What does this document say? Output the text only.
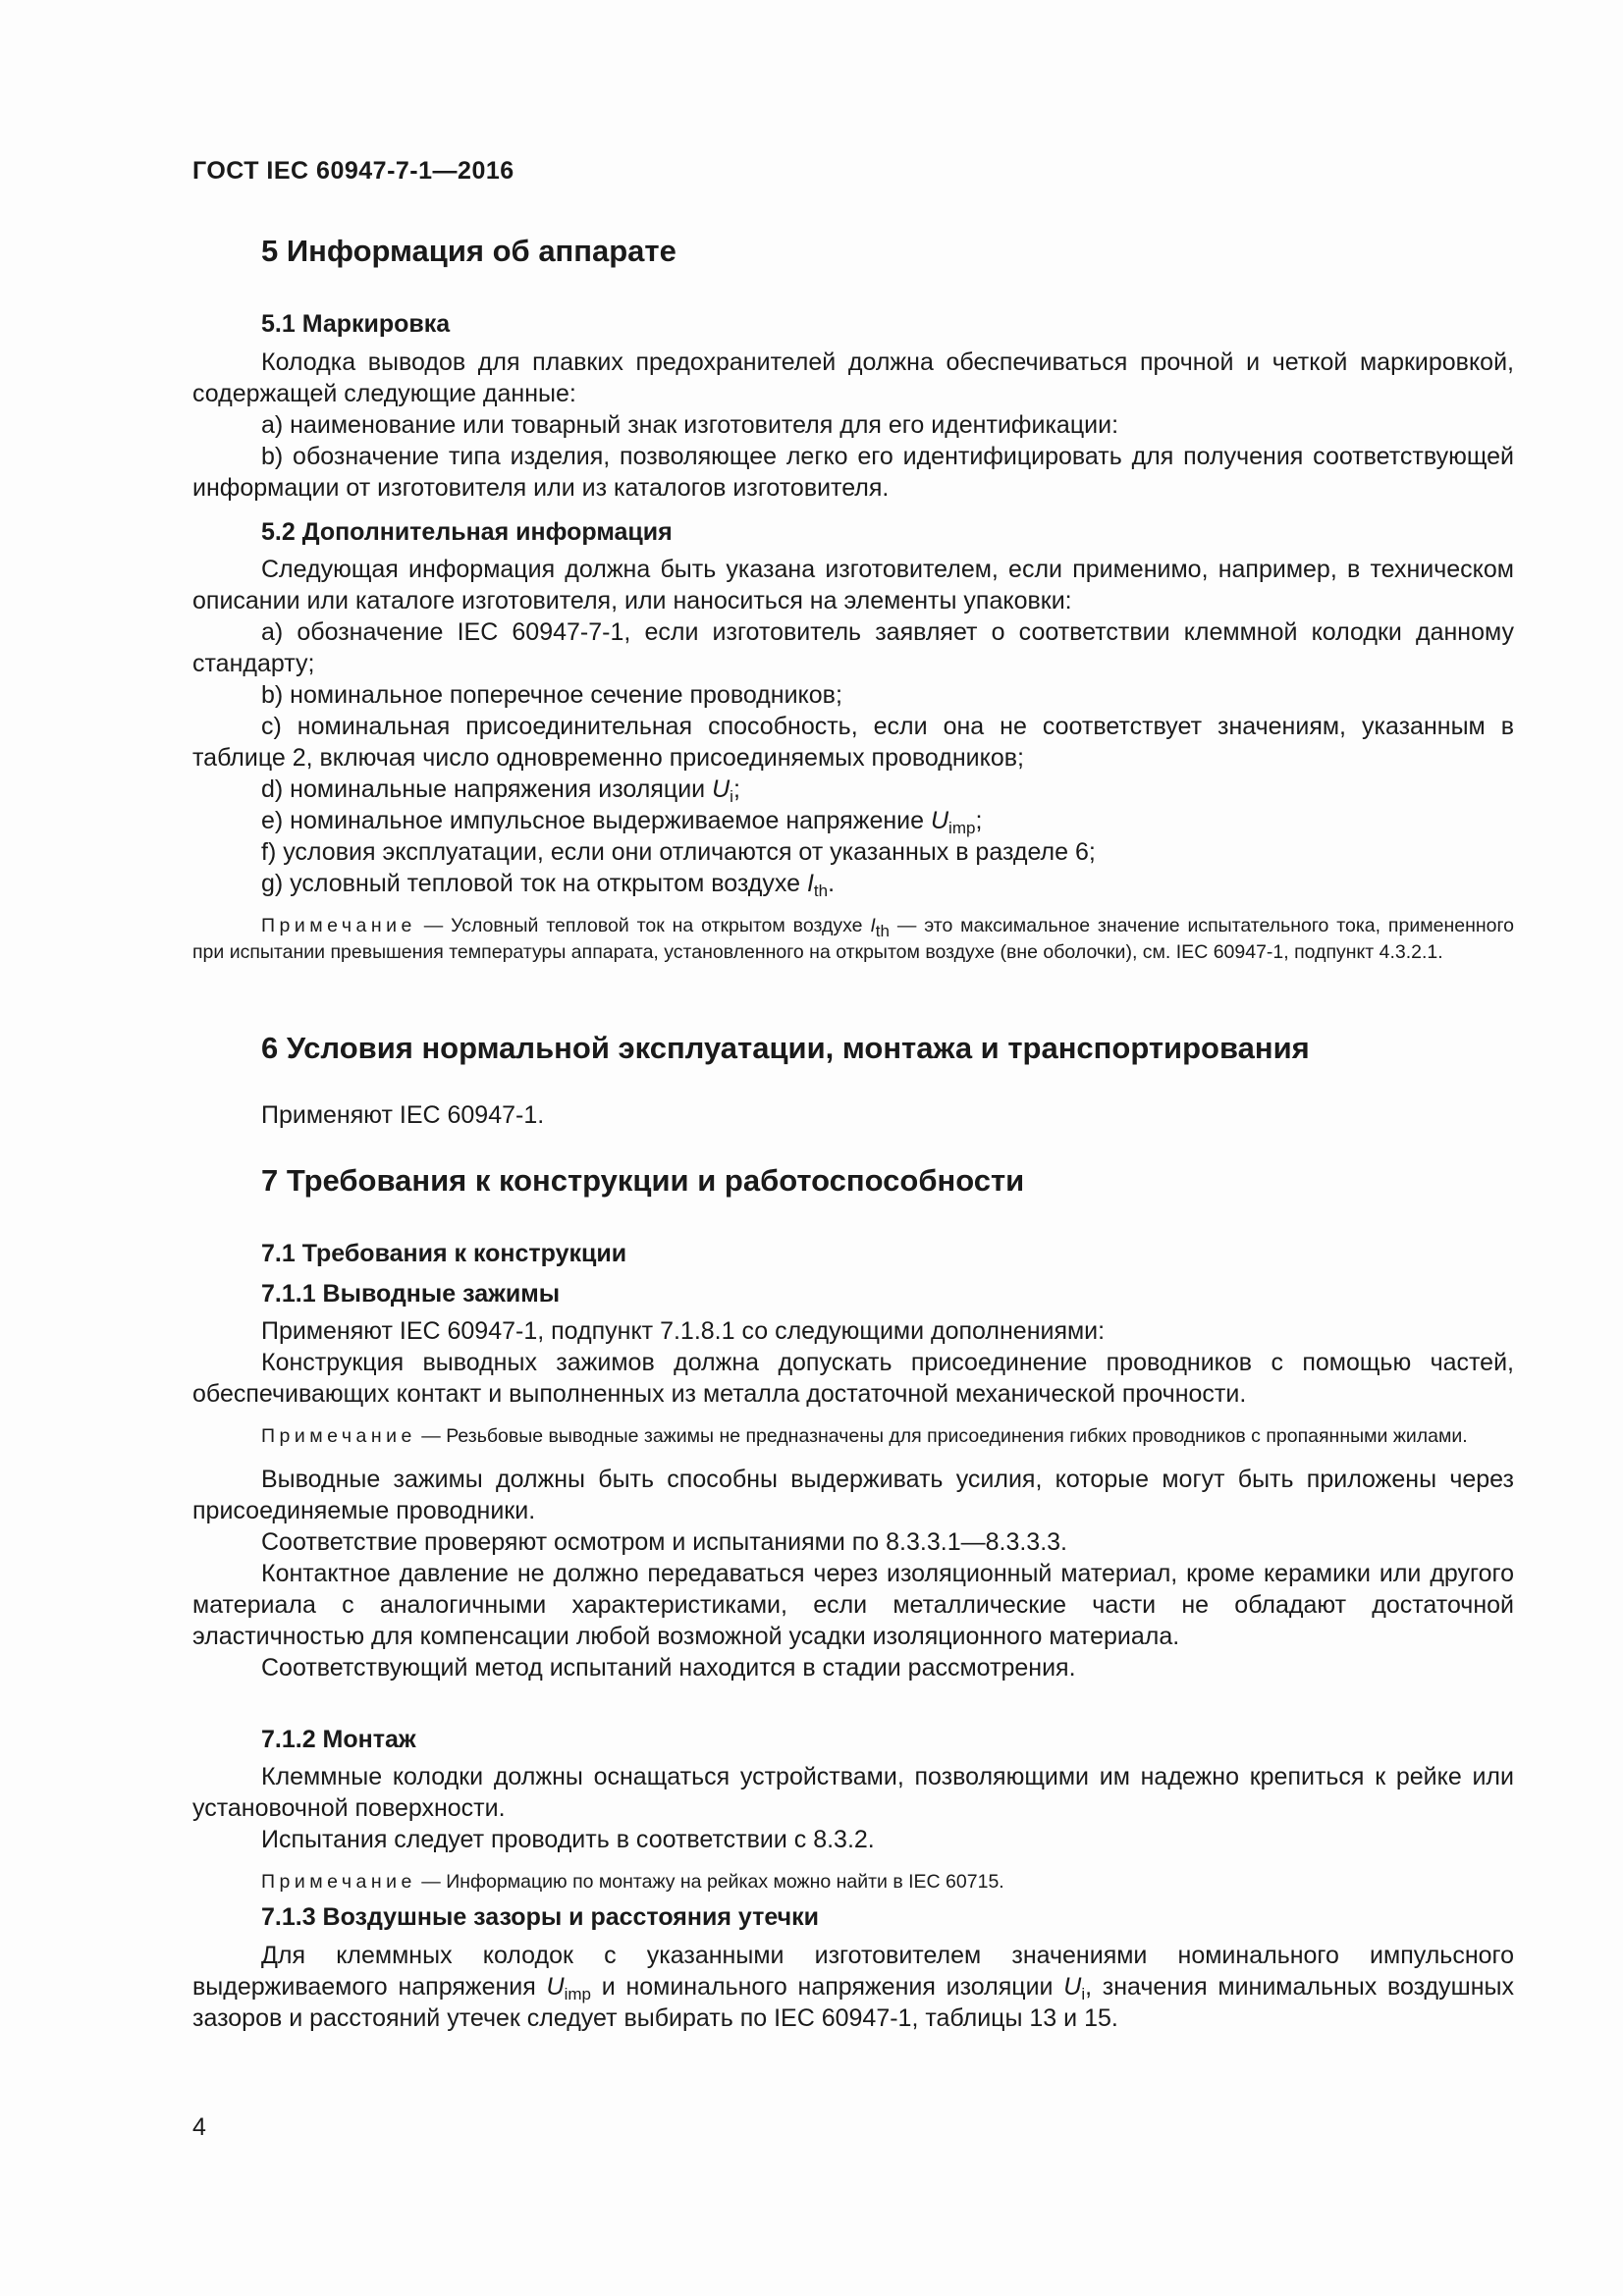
ГОСТ IEC 60947-7-1—2016
5 Информация об аппарате
5.1 Маркировка

Колодка выводов для плавких предохранителей должна обеспечиваться прочной и четкой маркировкой, содержащей следующие данные:

a) наименование или товарный знак изготовителя для его идентификации:

b) обозначение типа изделия, позволяющее легко его идентифицировать для получения соответствующей информации от изготовителя или из каталогов изготовителя.

5.2 Дополнительная информация

Следующая информация должна быть указана изготовителем, если применимо, например, в техническом описании или каталоге изготовителя, или наноситься на элементы упаковки:

a) обозначение IEC 60947-7-1, если изготовитель заявляет о соответствии клеммной колодки данному стандарту;

b) номинальное поперечное сечение проводников;

c) номинальная присоединительная способность, если она не соответствует значениям, указанным в таблице 2, включая число одновременно присоединяемых проводников;

d) номинальные напряжения изоляции $U_i$;

e) номинальное импульсное выдерживаемое напряжение $U_{imp}$;

f) условия эксплуатации, если они отличаются от указанных в разделе 6;

g) условный тепловой ток на открытом воздухе $I_{th}$.

Примечание — Условный тепловой ток на открытом воздухе $I_{th}$ — это максимальное значение испытательного тока, примененного при испытании превышения температуры аппарата, установленного на открытом воздухе (вне оболочки), см. IEC 60947-1, подпункт 4.3.2.1.

6 Условия нормальной эксплуатации, монтажа и транспортирования

Применяют IEC 60947-1.

7 Требования к конструкции и работоспособности
7.1 Требования к конструкции
7.1.1 Выводные зажимы

Применяют IEC 60947-1, подпункт 7.1.8.1 со следующими дополнениями:

Конструкция выводных зажимов должна допускать присоединение проводников с помощью частей, обеспечивающих контакт и выполненных из металла достаточной механической прочности.

Примечание — Резьбовые выводные зажимы не предназначены для присоединения гибких проводников с пропаянными жилами.

Выводные зажимы должны быть способны выдерживать усилия, которые могут быть приложены через присоединяемые проводники.

Соответствие проверяют осмотром и испытаниями по 8.3.3.1—8.3.3.3.

Контактное давление не должно передаваться через изоляционный материал, кроме керамики или другого материала с аналогичными характеристиками, если металлические части не обладают достаточной эластичностью для компенсации любой возможной усадки изоляционного материала.

Соответствующий метод испытаний находится в стадии рассмотрения.

7.1.2 Монтаж

Клеммные колодки должны оснащаться устройствами, позволяющими им надежно крепиться к рейке или установочной поверхности.

Испытания следует проводить в соответствии с 8.3.2.

Примечание — Информацию по монтажу на рейках можно найти в IEC 60715.

7.1.3 Воздушные зазоры и расстояния утечки

Для клеммных колодок с указанными изготовителем значениями номинального импульсного выдерживаемого напряжения $U_{imp}$ и номинального напряжения изоляции $U_i$, значения минимальных воздушных зазоров и расстояний утечек следует выбирать по IEC 60947-1, таблицы 13 и 15.

4
